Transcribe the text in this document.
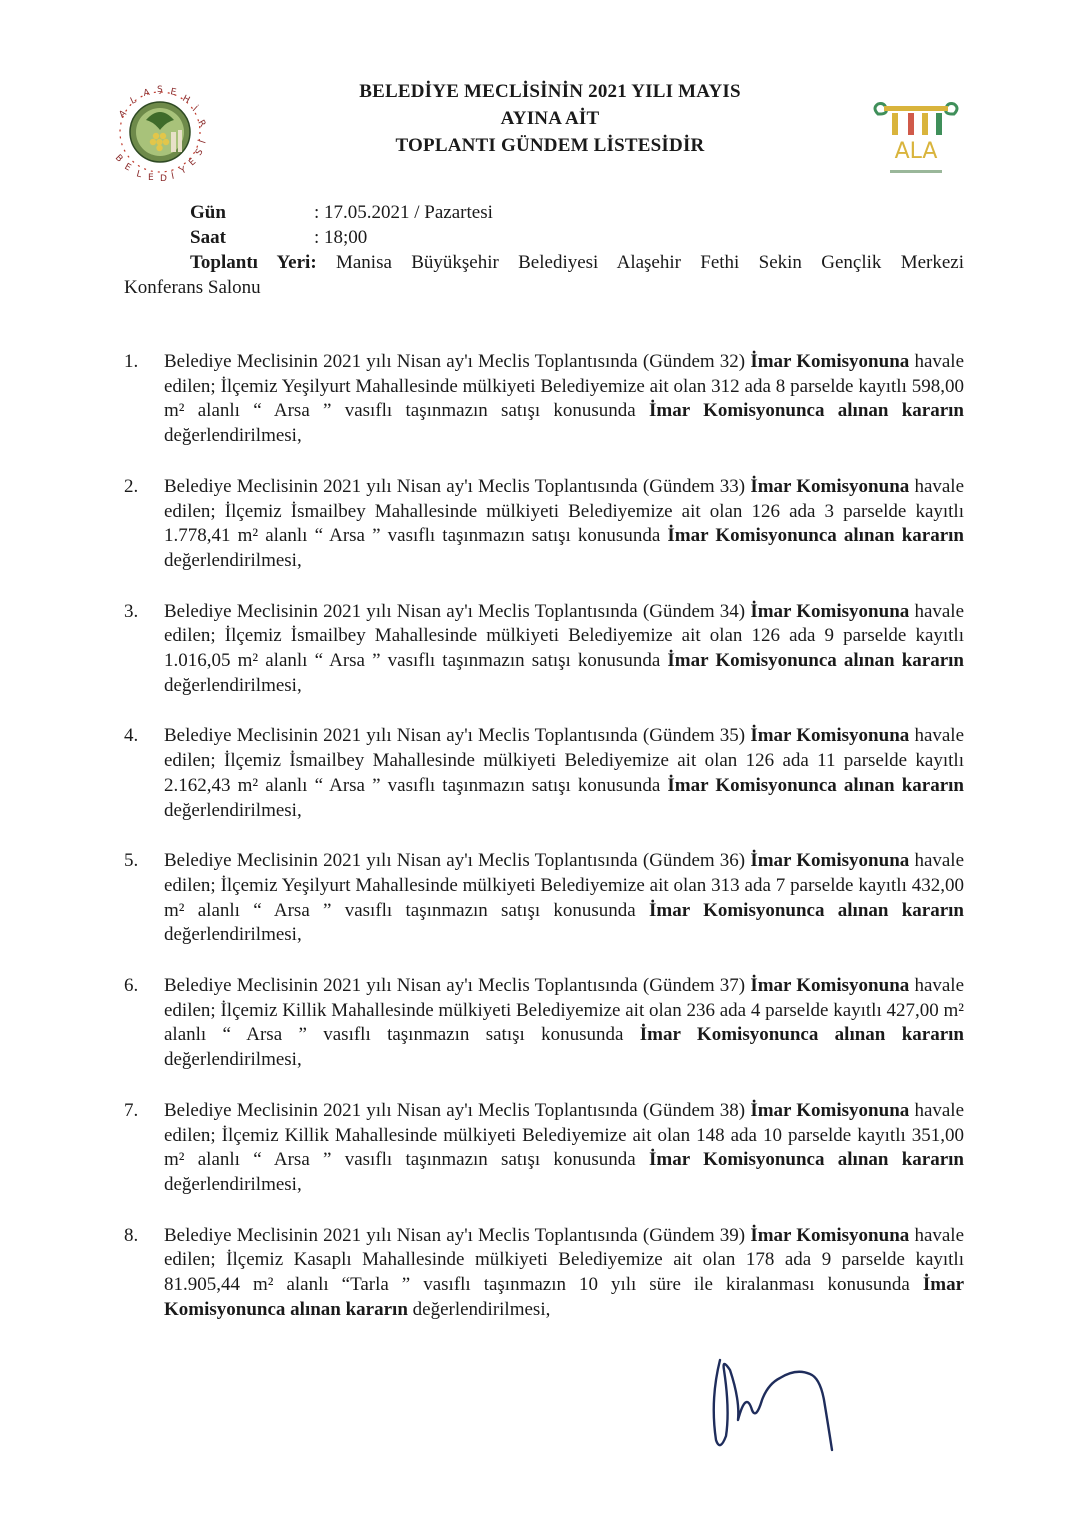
A
L
A Ş E
H
İ
R
B
E
L E D İ
Y
E
S
İ
BELEDİYE MECLİSİNİN 2021 YILI MAYIS
AYINA AİT
TOPLANTI GÜNDEM LİSTESİDİR	ALA
Gün	: 17.05.2021 / Pazartesi
Saat	: 18;00
Toplantı Yeri: Manisa Büyükşehir Belediyesi Alaşehir Fethi Sekin Gençlik Merkezi
Konferans Salonu
1. Belediye Meclisinin 2021 yılı Nisan ay'ı Meclis Toplantısında (Gündem 32) İmar Komisyonuna havale edilen; İlçemiz Yeşilyurt Mahallesinde mülkiyeti Belediyemize ait olan 312 ada 8 parselde kayıtlı 598,00 m² alanlı “ Arsa ” vasıflı taşınmazın satışı konusunda İmar Komisyonunca alınan kararın değerlendirilmesi,
2. Belediye Meclisinin 2021 yılı Nisan ay'ı Meclis Toplantısında (Gündem 33) İmar Komisyonuna havale edilen; İlçemiz İsmailbey Mahallesinde mülkiyeti Belediyemize ait olan 126 ada 3 parselde kayıtlı 1.778,41 m² alanlı “ Arsa ” vasıflı taşınmazın satışı konusunda İmar Komisyonunca alınan kararın değerlendirilmesi,
3. Belediye Meclisinin 2021 yılı Nisan ay'ı Meclis Toplantısında (Gündem 34) İmar Komisyonuna havale edilen; İlçemiz İsmailbey Mahallesinde mülkiyeti Belediyemize ait olan 126 ada 9 parselde kayıtlı 1.016,05 m² alanlı “ Arsa ” vasıflı taşınmazın satışı konusunda İmar Komisyonunca alınan kararın değerlendirilmesi,
4. Belediye Meclisinin 2021 yılı Nisan ay'ı Meclis Toplantısında (Gündem 35) İmar Komisyonuna havale edilen; İlçemiz İsmailbey Mahallesinde mülkiyeti Belediyemize ait olan 126 ada 11 parselde kayıtlı 2.162,43 m² alanlı “ Arsa ” vasıflı taşınmazın satışı konusunda İmar Komisyonunca alınan kararın değerlendirilmesi,
5. Belediye Meclisinin 2021 yılı Nisan ay'ı Meclis Toplantısında (Gündem 36) İmar Komisyonuna havale edilen; İlçemiz Yeşilyurt Mahallesinde mülkiyeti Belediyemize ait olan 313 ada 7 parselde kayıtlı 432,00 m² alanlı “ Arsa ” vasıflı taşınmazın satışı konusunda İmar Komisyonunca alınan kararın değerlendirilmesi,
6. Belediye Meclisinin 2021 yılı Nisan ay'ı Meclis Toplantısında (Gündem 37) İmar Komisyonuna havale edilen; İlçemiz Killik Mahallesinde mülkiyeti Belediyemize ait olan 236 ada 4 parselde kayıtlı 427,00 m² alanlı “ Arsa ” vasıflı taşınmazın satışı konusunda İmar Komisyonunca alınan kararın değerlendirilmesi,
7. Belediye Meclisinin 2021 yılı Nisan ay'ı Meclis Toplantısında (Gündem 38) İmar Komisyonuna havale edilen; İlçemiz Killik Mahallesinde mülkiyeti Belediyemize ait olan 148 ada 10 parselde kayıtlı 351,00 m² alanlı “ Arsa ” vasıflı taşınmazın satışı konusunda İmar Komisyonunca alınan kararın değerlendirilmesi,
8. Belediye Meclisinin 2021 yılı Nisan ay'ı Meclis Toplantısında (Gündem 39) İmar Komisyonuna havale edilen; İlçemiz Kasaplı Mahallesinde mülkiyeti Belediyemize ait olan 178 ada 9 parselde kayıtlı 81.905,44 m² alanlı “Tarla ” vasıflı taşınmazın 10 yılı süre ile kiralanması konusunda İmar Komisyonunca alınan kararın değerlendirilmesi,
